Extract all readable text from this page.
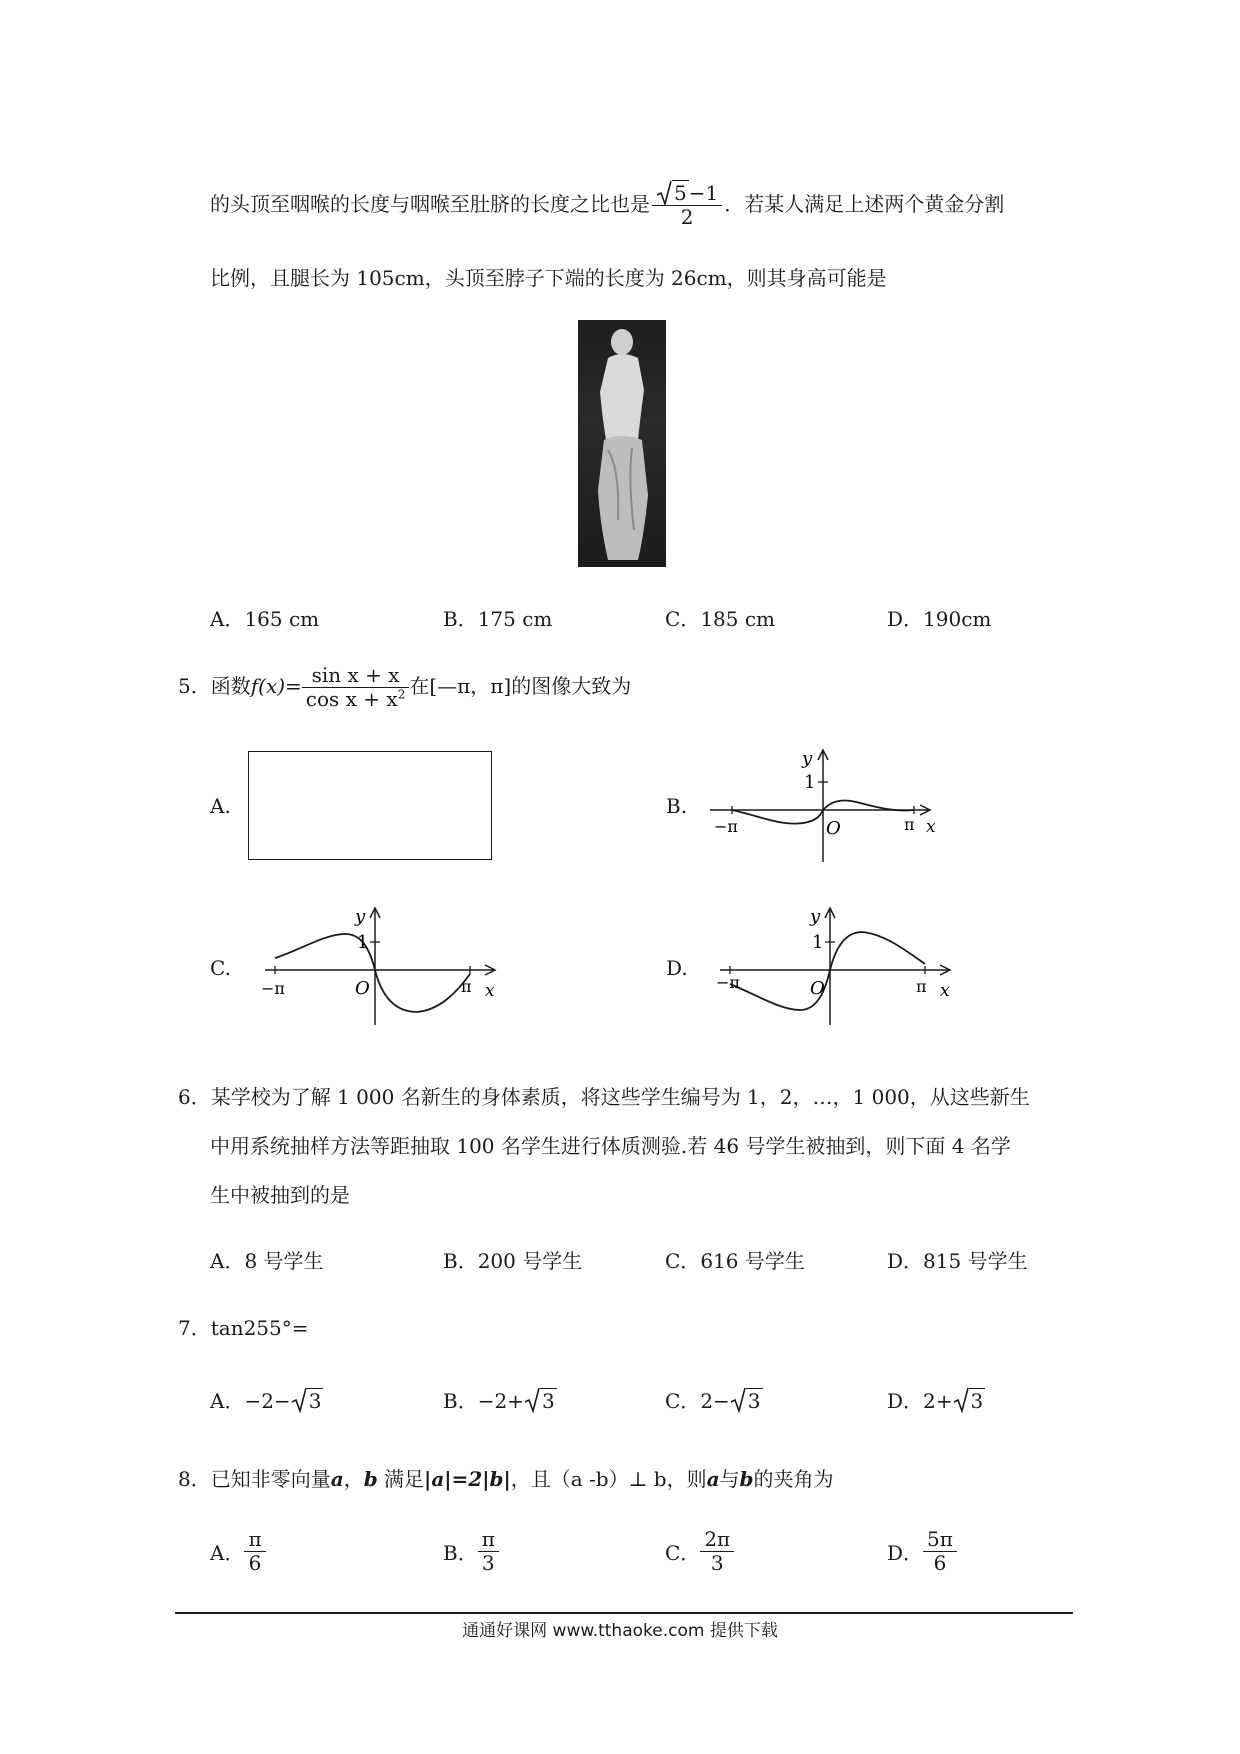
的头顶至咽喉的长度与咽喉至肚脐的长度之比也是 $\frac{5 -1}{2}$ ．若某人满足上述两个黄金分割
比例，且腿长为 105cm，头顶至脖子下端的长度为 26cm，则其身高可能是
A．165 cm	B．175 cm	C．185 cm	D．190cm
5．函数$f(x)= \frac{\text{sin x + x}}{\cos x + x^2}$ 在[—π，π]的图像大致为
A.	B.
y
1
O
−π	π x
C.
y
1
O
−π	π x
D.
y
1
O
−π	π x
6．某学校为了解 1 000 名新生的身体素质，将这些学生编号为 1，2，…，1 000，从这些新生
中用系统抽样方法等距抽取 100 名学生进行体质测验.若 46 号学生被抽到，则下面 4 名学
生中被抽到的是
A．8 号学生	B．200 号学生	C．616 号学生	D．815 号学生
7．tan255°=
A．−2− 3	B．−2+ 3	C．2− 3	D．2+ 3
8．已知非零向量a，b 满足|a|=2|b|，且（a -b）⊥ b，则a与b的夹角为
A． $\frac{\pi}{6}$	B． $\frac{\pi}{3}$	C． $\frac{2\pi}{3}$	D． $\frac{5\pi}{6}$
通通好课网 www.tthaoke.com 提供下载
